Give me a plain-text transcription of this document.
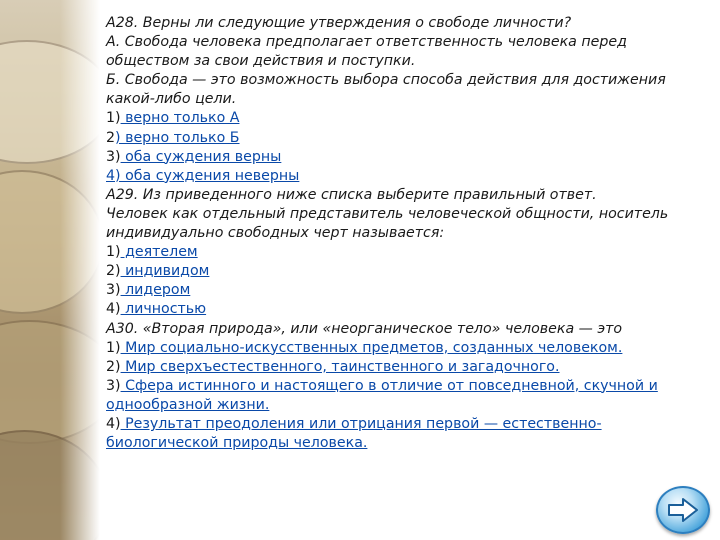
А28. Верны ли следующие утверждения о свободе личности?
А. Свобода человека предполагает ответственность человека перед
обществом за свои действия и поступки.
Б. Свобода — это возможность выбора способа действия для достижения
какой-либо цели.
1) верно только А
2) верно только Б
3) оба суждения верны
4) оба суждения неверны
А29. Из приведенного ниже списка выберите правильный ответ.
Человек как отдельный представитель человеческой общности, носитель
индивидуально свободных черт называется:
1) деятелем
2) индивидом
3) лидером
4) личностью
А30. «Вторая природа», или «неорганическое тело» человека — это
1) Мир социально-искусственных предметов, созданных человеком.
2) Мир сверхъестественного, таинственного и загадочного.
3) Сфера истинного и настоящего в отличие от повседневной, скучной и
однообразной жизни.
4) Результат преодоления или отрицания первой — естественно-
биологической природы человека.
